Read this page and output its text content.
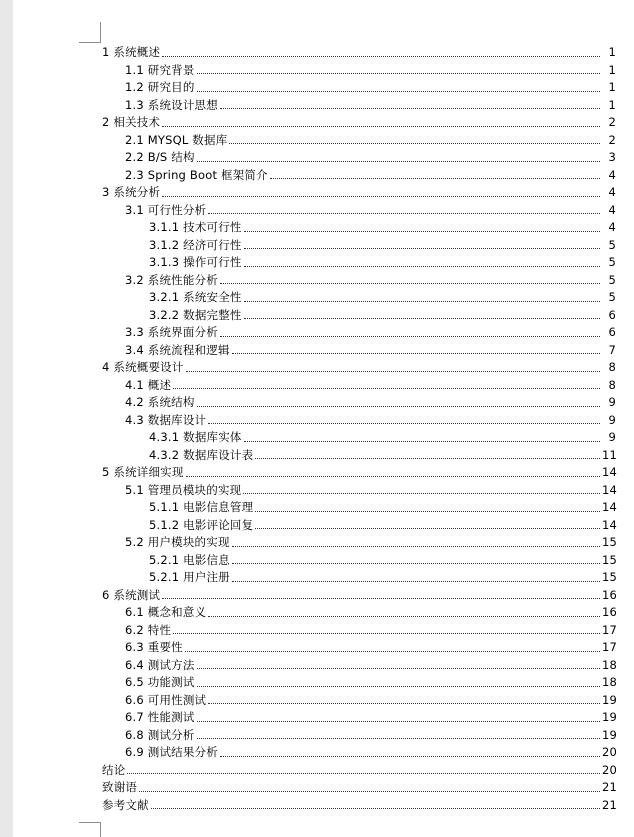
1 系统概述	1
1.1 研究背景	1
1.2 研究目的	1
1.3 系统设计思想	1
2 相关技术	2
2.1 MYSQL 数据库	2
2.2 B/S 结构	3
2.3 Spring Boot 框架简介	4
3 系统分析	4
3.1 可行性分析	4
3.1.1 技术可行性	4
3.1.2 经济可行性	5
3.1.3 操作可行性	5
3.2 系统性能分析	5
3.2.1 系统安全性	5
3.2.2 数据完整性	6
3.3 系统界面分析	6
3.4 系统流程和逻辑	7
4 系统概要设计	8
4.1 概述	8
4.2 系统结构	9
4.3 数据库设计	9
4.3.1 数据库实体	9
4.3.2 数据库设计表	11
5 系统详细实现	14
5.1 管理员模块的实现	14
5.1.1 电影信息管理	14
5.1.2 电影评论回复	14
5.2 用户模块的实现	15
5.2.1 电影信息	15
5.2.1 用户注册	15
6 系统测试	16
6.1 概念和意义	16
6.2 特性	17
6.3 重要性	17
6.4 测试方法	18
6.5 功能测试	18
6.6 可用性测试	19
6.7 性能测试	19
6.8 测试分析	19
6.9 测试结果分析	20
结论	20
致谢语	21
参考文献	21
